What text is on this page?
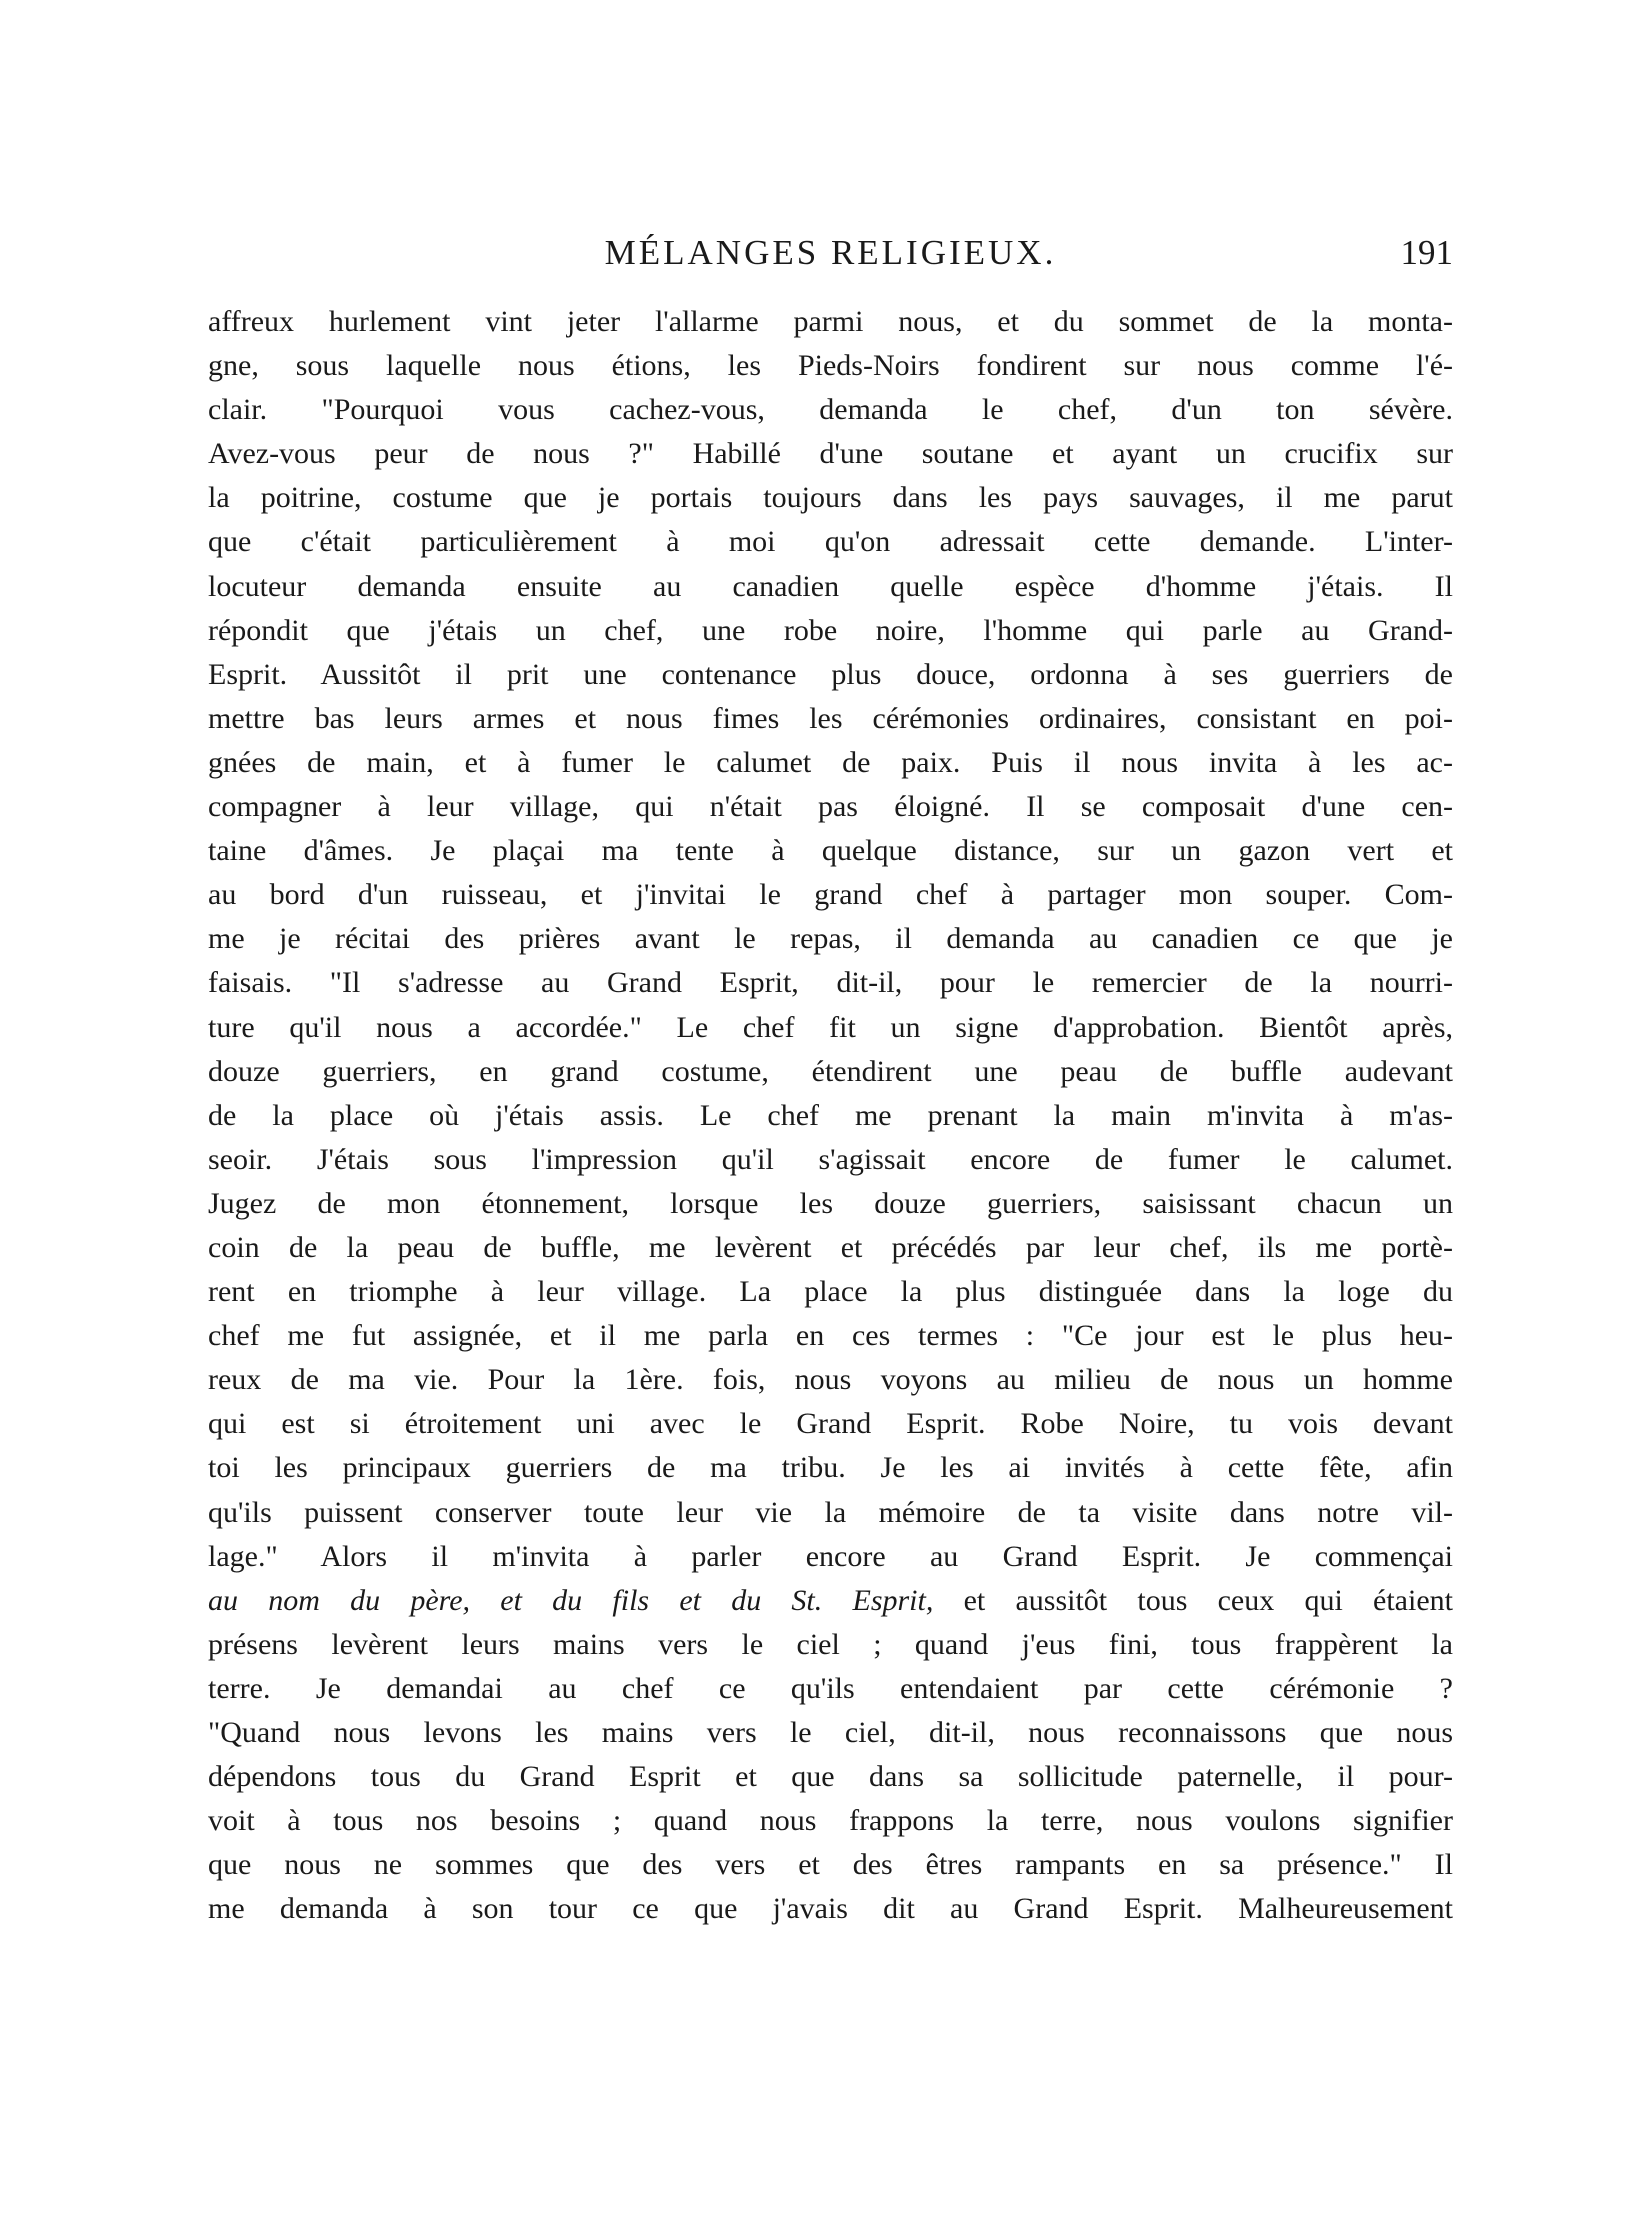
MÉLANGES RELIGIEUX.	191
affreux hurlement vint jeter l'allarme parmi nous, et du sommet de la monta-
gne, sous laquelle nous étions, les Pieds-Noirs fondirent sur nous comme l'é-
clair. "Pourquoi vous cachez-vous, demanda le chef, d'un ton sévère.
Avez-vous peur de nous ?" Habillé d'une soutane et ayant un crucifix sur
la poitrine, costume que je portais toujours dans les pays sauvages, il me parut
que c'était particulièrement à moi qu'on adressait cette demande. L'inter-
locuteur demanda ensuite au canadien quelle espèce d'homme j'étais. Il
répondit que j'étais un chef, une robe noire, l'homme qui parle au Grand-
Esprit. Aussitôt il prit une contenance plus douce, ordonna à ses guerriers de
mettre bas leurs armes et nous fimes les cérémonies ordinaires, consistant en poi-
gnées de main, et à fumer le calumet de paix. Puis il nous invita à les ac-
compagner à leur village, qui n'était pas éloigné. Il se composait d'une cen-
taine d'âmes. Je plaçai ma tente à quelque distance, sur un gazon vert et
au bord d'un ruisseau, et j'invitai le grand chef à partager mon souper. Com-
me je récitai des prières avant le repas, il demanda au canadien ce que je
faisais. "Il s'adresse au Grand Esprit, dit-il, pour le remercier de la nourri-
ture qu'il nous a accordée." Le chef fit un signe d'approbation. Bientôt après,
douze guerriers, en grand costume, étendirent une peau de buffle audevant
de la place où j'étais assis. Le chef me prenant la main m'invita à m'as-
seoir. J'étais sous l'impression qu'il s'agissait encore de fumer le calumet.
Jugez de mon étonnement, lorsque les douze guerriers, saisissant chacun un
coin de la peau de buffle, me levèrent et précédés par leur chef, ils me portè-
rent en triomphe à leur village. La place la plus distinguée dans la loge du
chef me fut assignée, et il me parla en ces termes : "Ce jour est le plus heu-
reux de ma vie. Pour la 1ère. fois, nous voyons au milieu de nous un homme
qui est si étroitement uni avec le Grand Esprit. Robe Noire, tu vois devant
toi les principaux guerriers de ma tribu. Je les ai invités à cette fête, afin
qu'ils puissent conserver toute leur vie la mémoire de ta visite dans notre vil-
lage." Alors il m'invita à parler encore au Grand Esprit. Je commençai
au nom du père, et du fils et du St. Esprit, et aussitôt tous ceux qui étaient
présens levèrent leurs mains vers le ciel ; quand j'eus fini, tous frappèrent la
terre. Je demandai au chef ce qu'ils entendaient par cette cérémonie ?
"Quand nous levons les mains vers le ciel, dit-il, nous reconnaissons que nous
dépendons tous du Grand Esprit et que dans sa sollicitude paternelle, il pour-
voit à tous nos besoins ; quand nous frappons la terre, nous voulons signifier
que nous ne sommes que des vers et des êtres rampants en sa présence." Il
me demanda à son tour ce que j'avais dit au Grand Esprit. Malheureusement
